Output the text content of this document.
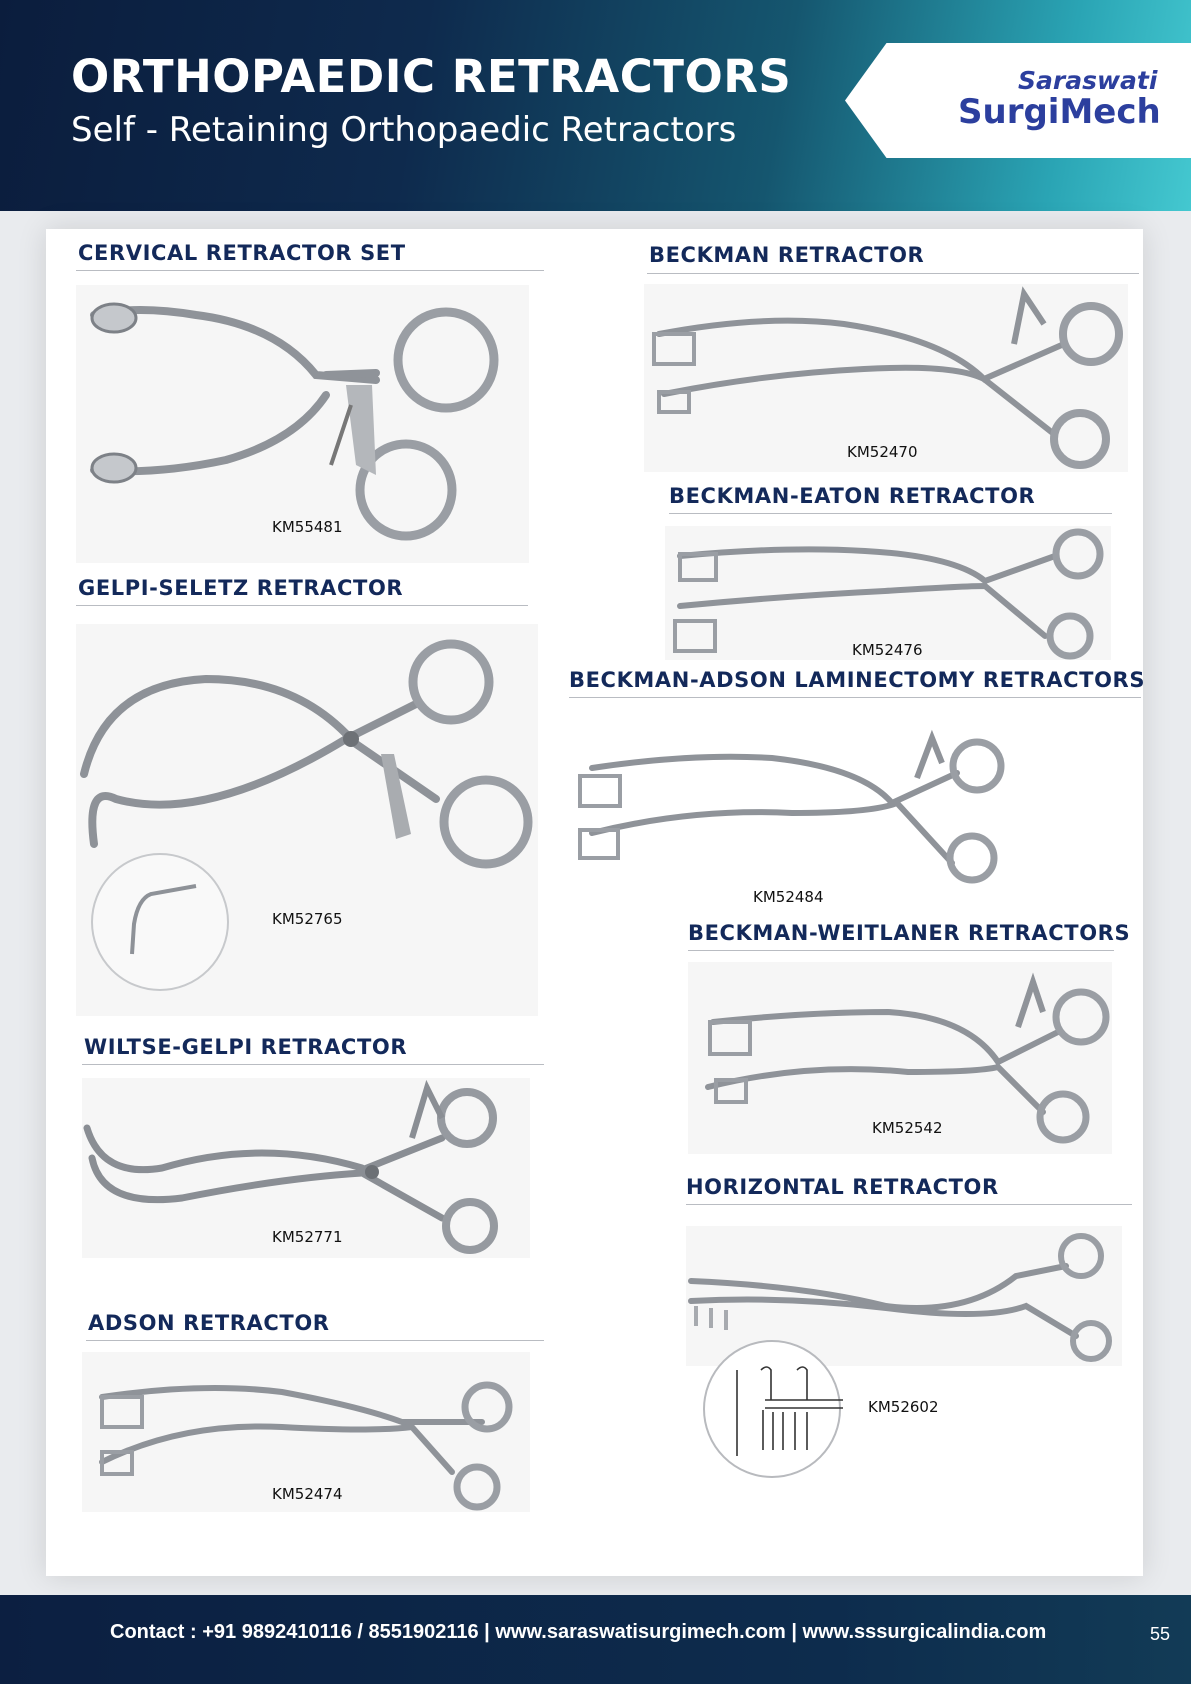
ORTHOPAEDIC RETRACTORS

Self - Retaining Orthopaedic Retractors

Saraswati
SurgiMech
CERVICAL RETRACTOR SET
KM55481
GELPI-SELETZ RETRACTOR
KM52765
WILTSE-GELPI RETRACTOR
KM52771
ADSON RETRACTOR
KM52474
BECKMAN RETRACTOR
KM52470
BECKMAN-EATON RETRACTOR
KM52476
BECKMAN-ADSON LAMINECTOMY RETRACTORS
KM52484
BECKMAN-WEITLANER RETRACTORS
KM52542
HORIZONTAL RETRACTOR
KM52602
Contact : +91 9892410116 / 8551902116 | www.saraswatisurgimech.com | www.sssurgicalindia.com	55
